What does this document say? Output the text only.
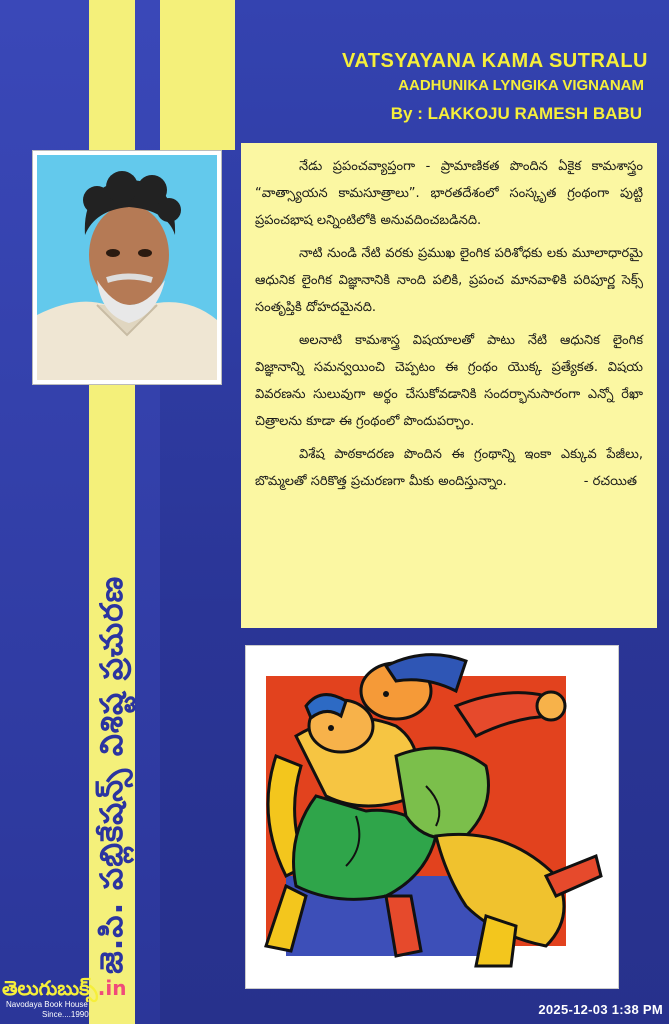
జె.పి. పబ్లికేషన్స్ విశిష్ట ప్రచురణ
VATSYAYANA KAMA SUTRALU
AADHUNIKA LYNGIKA VIGNANAM
By : LAKKOJU RAMESH BABU

నేడు ప్రపంచవ్యాప్తంగా - ప్రామాణికత పొందిన ఏకైక కామశాస్త్రం “వాత్స్యాయన కామసూత్రాలు”. భారతదేశంలో సంస్కృత గ్రంథంగా పుట్టి ప్రపంచభాష లన్నింటిలోకి అనువదించబడినది.

నాటి నుండి నేటి వరకు ప్రముఖ లైంగిక పరిశోధకు లకు మూలాధారమై ఆధునిక లైంగిక విజ్ఞానానికి నాంది పలికి, ప్రపంచ మానవాళికి పరిపూర్ణ సెక్స్ సంతృప్తికి దోహదమైనది.

అలనాటి కామశాస్త్ర విషయాలతో పాటు నేటి ఆధునిక లైంగిక విజ్ఞానాన్ని సమన్వయించి చెప్పటం ఈ గ్రంథం యొక్క ప్రత్యేకత. విషయ వివరణను సులువుగా అర్థం చేసుకోవడానికి సందర్భానుసారంగా ఎన్నో రేఖా చిత్రాలను కూడా ఈ గ్రంథంలో పొందుపర్చాం.

విశేష పాఠకాదరణ పొందిన ఈ గ్రంథాన్ని ఇంకా ఎక్కువ పేజీలు, బొమ్మలతో సరికొత్త ప్రచురణగా మీకు అందిస్తున్నాం.	- రచయిత
తెలుగుబుక్స్.in
Navodaya Book House
Since....1990	2025-12-03 1:38 PM
